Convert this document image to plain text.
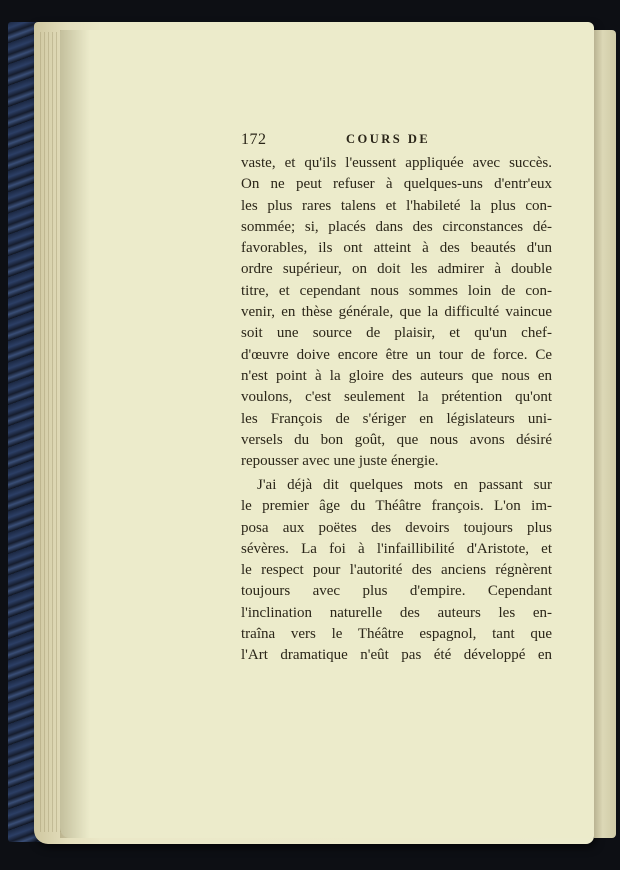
172	COURS DE
vaste, et qu'ils l'eussent appliquée avec succès.
On ne peut refuser à quelques-uns d'entr'eux
les plus rares talens et l'habileté la plus con-
sommée; si, placés dans des circonstances dé-
favorables, ils ont atteint à des beautés d'un
ordre supérieur, on doit les admirer à double
titre, et cependant nous sommes loin de con-
venir, en thèse générale, que la difficulté vaincue
soit une source de plaisir, et qu'un chef-
d'œuvre doive encore être un tour de force. Ce
n'est point à la gloire des auteurs que nous en
voulons, c'est seulement la prétention qu'ont
les François de s'ériger en législateurs uni-
versels du bon goût, que nous avons désiré
repousser avec une juste énergie.
J'ai déjà dit quelques mots en passant sur
le premier âge du Théâtre françois. L'on im-
posa aux poëtes des devoirs toujours plus
sévères. La foi à l'infaillibilité d'Aristote, et
le respect pour l'autorité des anciens régnèrent
toujours avec plus d'empire. Cependant
l'inclination naturelle des auteurs les en-
traîna vers le Théâtre espagnol, tant que
l'Art dramatique n'eût pas été développé en
